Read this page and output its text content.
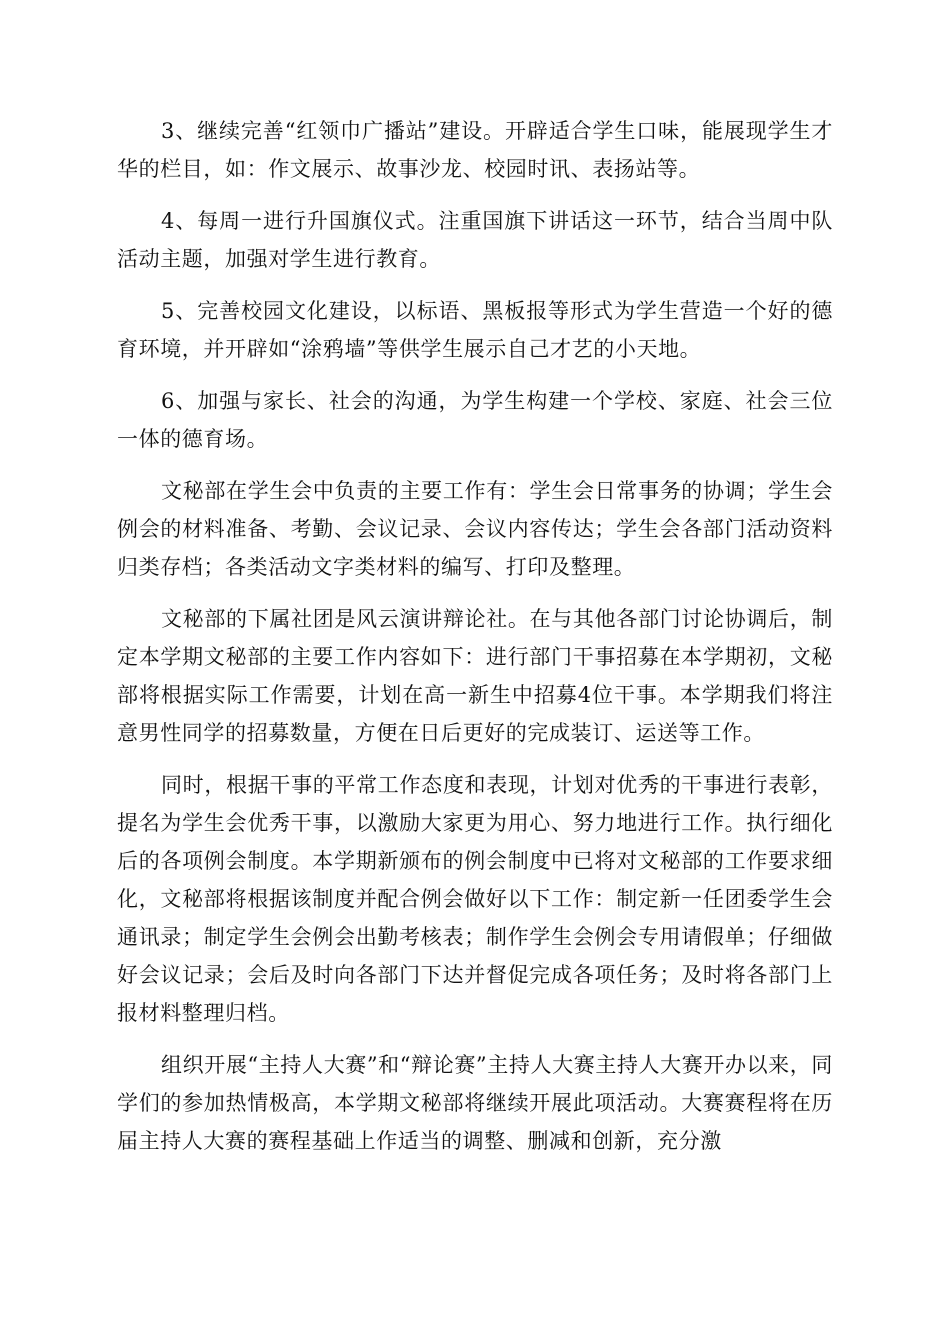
3、继续完善“红领巾广播站”建设。开辟适合学生口味，能展现学生才华的栏目，如：作文展示、故事沙龙、校园时讯、表扬站等。

4、每周一进行升国旗仪式。注重国旗下讲话这一环节，结合当周中队活动主题，加强对学生进行教育。

5、完善校园文化建设，以标语、黑板报等形式为学生营造一个好的德育环境，并开辟如“涂鸦墙”等供学生展示自己才艺的小天地。

6、加强与家长、社会的沟通，为学生构建一个学校、家庭、社会三位一体的德育场。

文秘部在学生会中负责的主要工作有：学生会日常事务的协调；学生会例会的材料准备、考勤、会议记录、会议内容传达；学生会各部门活动资料归类存档；各类活动文字类材料的编写、打印及整理。

文秘部的下属社团是风云演讲辩论社。在与其他各部门讨论协调后，制定本学期文秘部的主要工作内容如下：进行部门干事招募在本学期初，文秘部将根据实际工作需要，计划在高一新生中招募4位干事。本学期我们将注意男性同学的招募数量，方便在日后更好的完成装订、运送等工作。

同时，根据干事的平常工作态度和表现，计划对优秀的干事进行表彰，提名为学生会优秀干事，以激励大家更为用心、努力地进行工作。执行细化后的各项例会制度。本学期新颁布的例会制度中已将对文秘部的工作要求细化，文秘部将根据该制度并配合例会做好以下工作：制定新一任团委学生会通讯录；制定学生会例会出勤考核表；制作学生会例会专用请假单；仔细做好会议记录；会后及时向各部门下达并督促完成各项任务；及时将各部门上报材料整理归档。

组织开展“主持人大赛”和“辩论赛”主持人大赛主持人大赛开办以来，同学们的参加热情极高，本学期文秘部将继续开展此项活动。大赛赛程将在历届主持人大赛的赛程基础上作适当的调整、删减和创新，充分激
